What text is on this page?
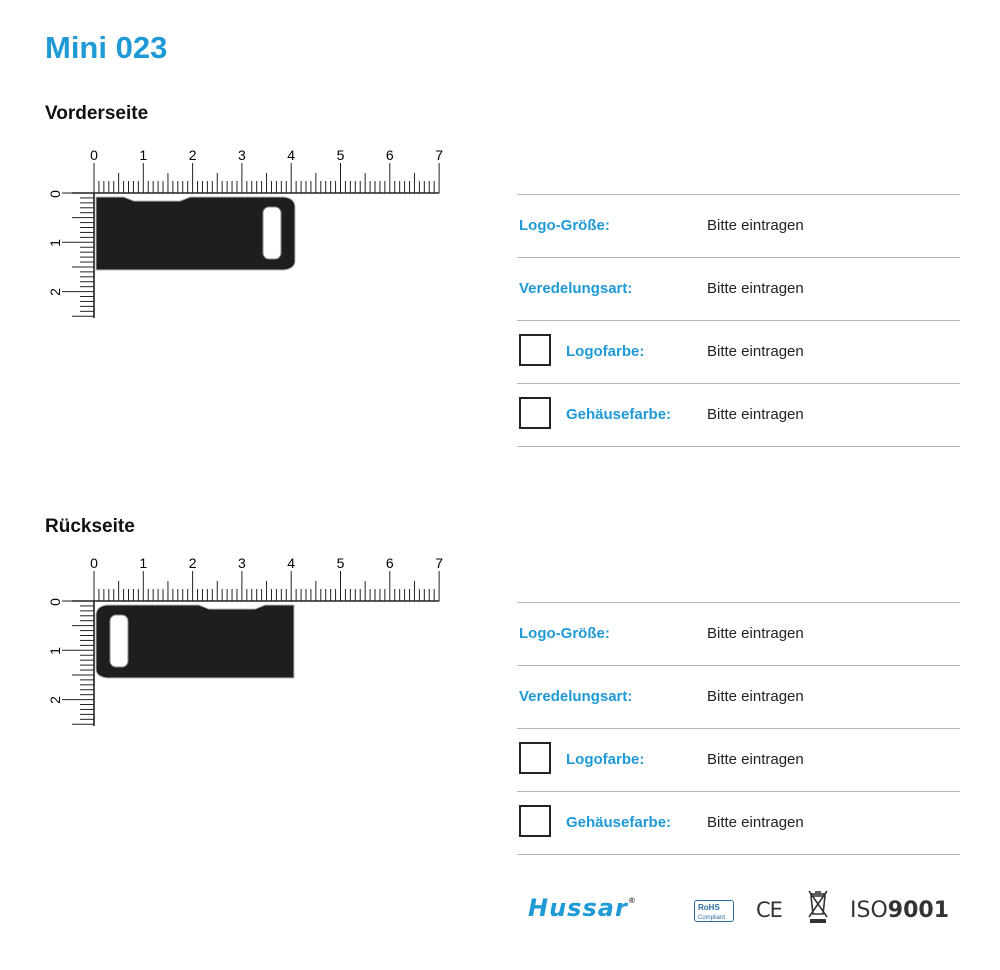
Mini 023
Vorderseite
0	1	2	3	4	5	6	7
0
1
2
Logo-Größe:	Bitte eintragen
Veredelungsart:	Bitte eintragen
Logofarbe:	Bitte eintragen
Gehäusefarbe: Bitte eintragen
Rückseite
0	1	2	3	4	5	6	7
0
1
2
Logo-Größe:	Bitte eintragen
Veredelungsart:	Bitte eintragen
Logofarbe:	Bitte eintragen
Gehäusefarbe: Bitte eintragen
Hussar®
RoHS
Compliant	CE	ISO9001
